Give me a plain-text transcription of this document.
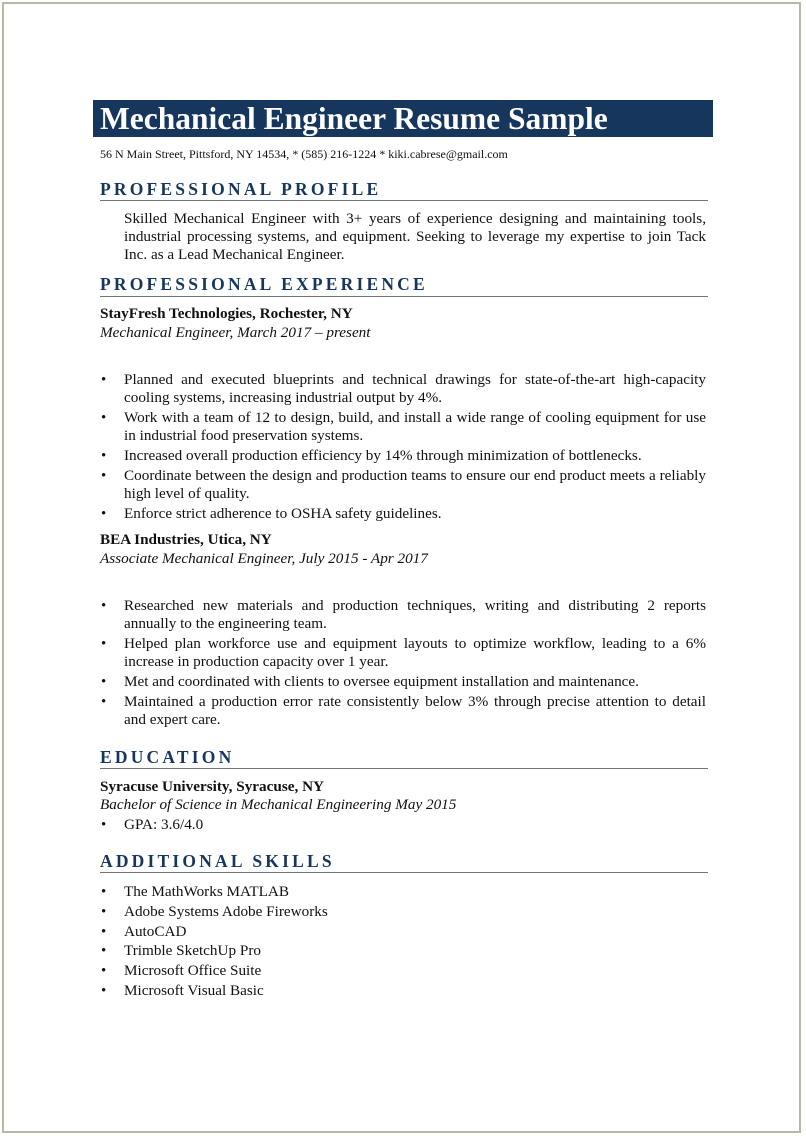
Mechanical Engineer Resume Sample
56 N Main Street, Pittsford, NY 14534, * (585) 216-1224 * kiki.cabrese@gmail.com
PROFESSIONAL PROFILE
Skilled Mechanical Engineer with 3+ years of experience designing and maintaining tools, industrial processing systems, and equipment. Seeking to leverage my expertise to join Tack Inc. as a Lead Mechanical Engineer.
PROFESSIONAL EXPERIENCE
StayFresh Technologies, Rochester, NY
Mechanical Engineer, March 2017 – present
• Planned and executed blueprints and technical drawings for state-of-the-art high-capacity cooling systems, increasing industrial output by 4%.
• Work with a team of 12 to design, build, and install a wide range of cooling equipment for use in industrial food preservation systems.
• Increased overall production efficiency by 14% through minimization of bottlenecks.
• Coordinate between the design and production teams to ensure our end product meets a reliably high level of quality.
• Enforce strict adherence to OSHA safety guidelines.
BEA Industries, Utica, NY
Associate Mechanical Engineer, July 2015 - Apr 2017
• Researched new materials and production techniques, writing and distributing 2 reports annually to the engineering team.
• Helped plan workforce use and equipment layouts to optimize workflow, leading to a 6% increase in production capacity over 1 year.
• Met and coordinated with clients to oversee equipment installation and maintenance.
• Maintained a production error rate consistently below 3% through precise attention to detail and expert care.
EDUCATION
Syracuse University, Syracuse, NY
Bachelor of Science in Mechanical Engineering May 2015
• GPA: 3.6/4.0
ADDITIONAL SKILLS
• The MathWorks MATLAB
• Adobe Systems Adobe Fireworks
• AutoCAD
• Trimble SketchUp Pro
• Microsoft Office Suite
• Microsoft Visual Basic
